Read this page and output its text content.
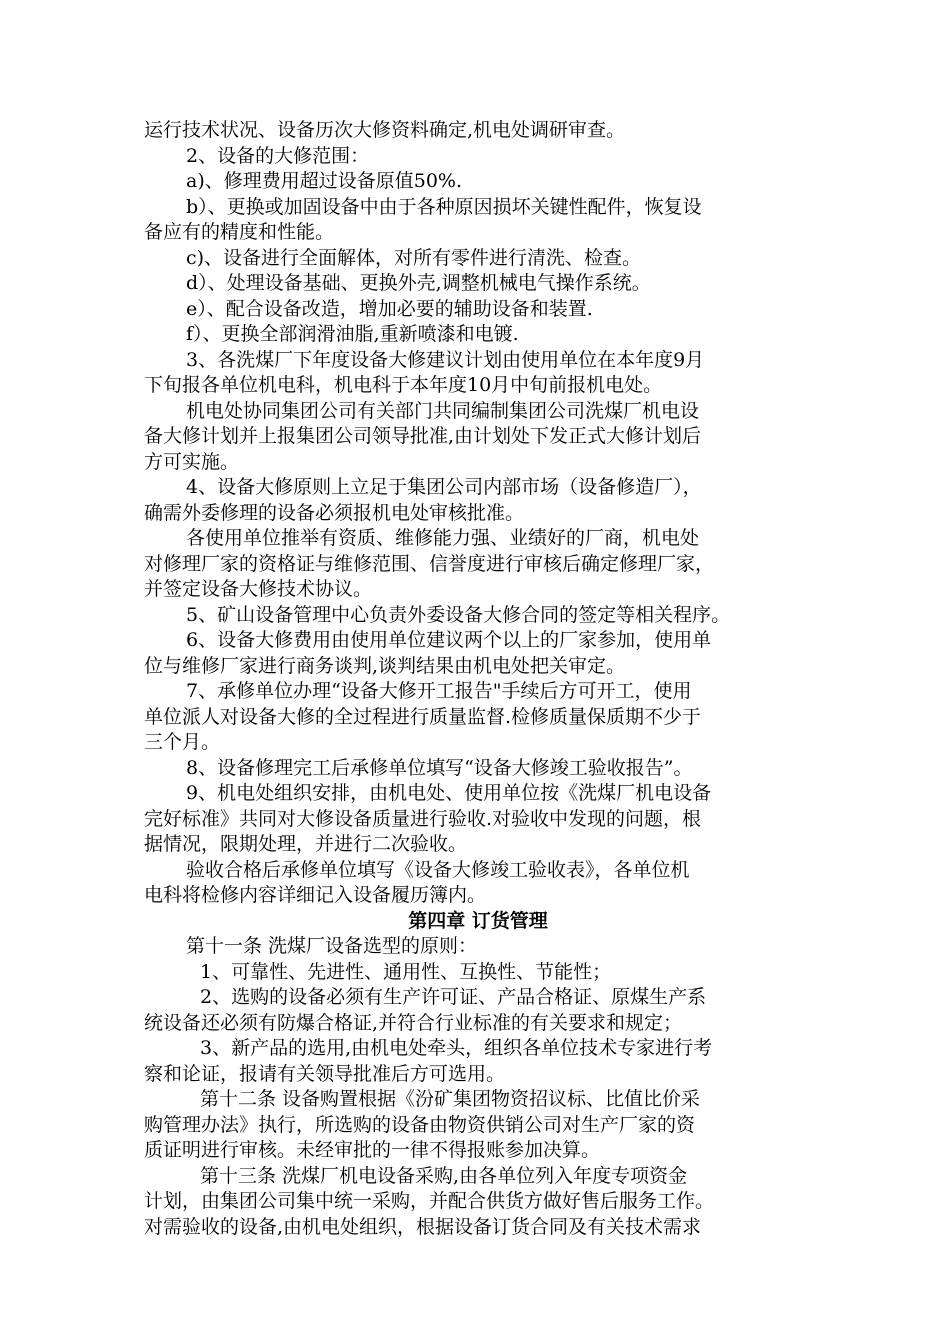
运行技术状况、设备历次大修资料确定,机电处调研审查。
2、设备的大修范围：
a)、修理费用超过设备原值50%.
b）、更换或加固设备中由于各种原因损坏关键性配件，恢复设
备应有的精度和性能。
c)、设备进行全面解体，对所有零件进行清洗、检查。
d）、处理设备基础、更换外壳,调整机械电气操作系统。
e）、配合设备改造，增加必要的辅助设备和装置.
f）、更换全部润滑油脂,重新喷漆和电镀.
3、各洗煤厂下年度设备大修建议计划由使用单位在本年度9月
下旬报各单位机电科，机电科于本年度10月中旬前报机电处。
机电处协同集团公司有关部门共同编制集团公司洗煤厂机电设
备大修计划并上报集团公司领导批准,由计划处下发正式大修计划后
方可实施。
4、设备大修原则上立足于集团公司内部市场（设备修造厂），
确需外委修理的设备必须报机电处审核批准。
各使用单位推举有资质、维修能力强、业绩好的厂商，机电处
对修理厂家的资格证与维修范围、信誉度进行审核后确定修理厂家，
并签定设备大修技术协议。
5、矿山设备管理中心负责外委设备大修合同的签定等相关程序。
6、设备大修费用由使用单位建议两个以上的厂家参加，使用单
位与维修厂家进行商务谈判,谈判结果由机电处把关审定。
7、承修单位办理“设备大修开工报告"手续后方可开工，使用
单位派人对设备大修的全过程进行质量监督.检修质量保质期不少于
三个月。
8、设备修理完工后承修单位填写“设备大修竣工验收报告”。
9、机电处组织安排，由机电处、使用单位按《洗煤厂机电设备
完好标准》共同对大修设备质量进行验收.对验收中发现的问题，根
据情况，限期处理，并进行二次验收。
验收合格后承修单位填写《设备大修竣工验收表》，各单位机
电科将检修内容详细记入设备履历簿内。
第四章 订货管理
第十一条 洗煤厂设备选型的原则：
1、可靠性、先进性、通用性、互换性、节能性；
2、选购的设备必须有生产许可证、产品合格证、原煤生产系
统设备还必须有防爆合格证,并符合行业标准的有关要求和规定；
3、新产品的选用,由机电处牵头，组织各单位技术专家进行考
察和论证，报请有关领导批准后方可选用。
第十二条 设备购置根据《汾矿集团物资招议标、比值比价采
购管理办法》执行，所选购的设备由物资供销公司对生产厂家的资
质证明进行审核。未经审批的一律不得报账参加决算。
第十三条 洗煤厂机电设备采购,由各单位列入年度专项资金
计划，由集团公司集中统一采购，并配合供货方做好售后服务工作。
对需验收的设备,由机电处组织，根据设备订货合同及有关技术需求
